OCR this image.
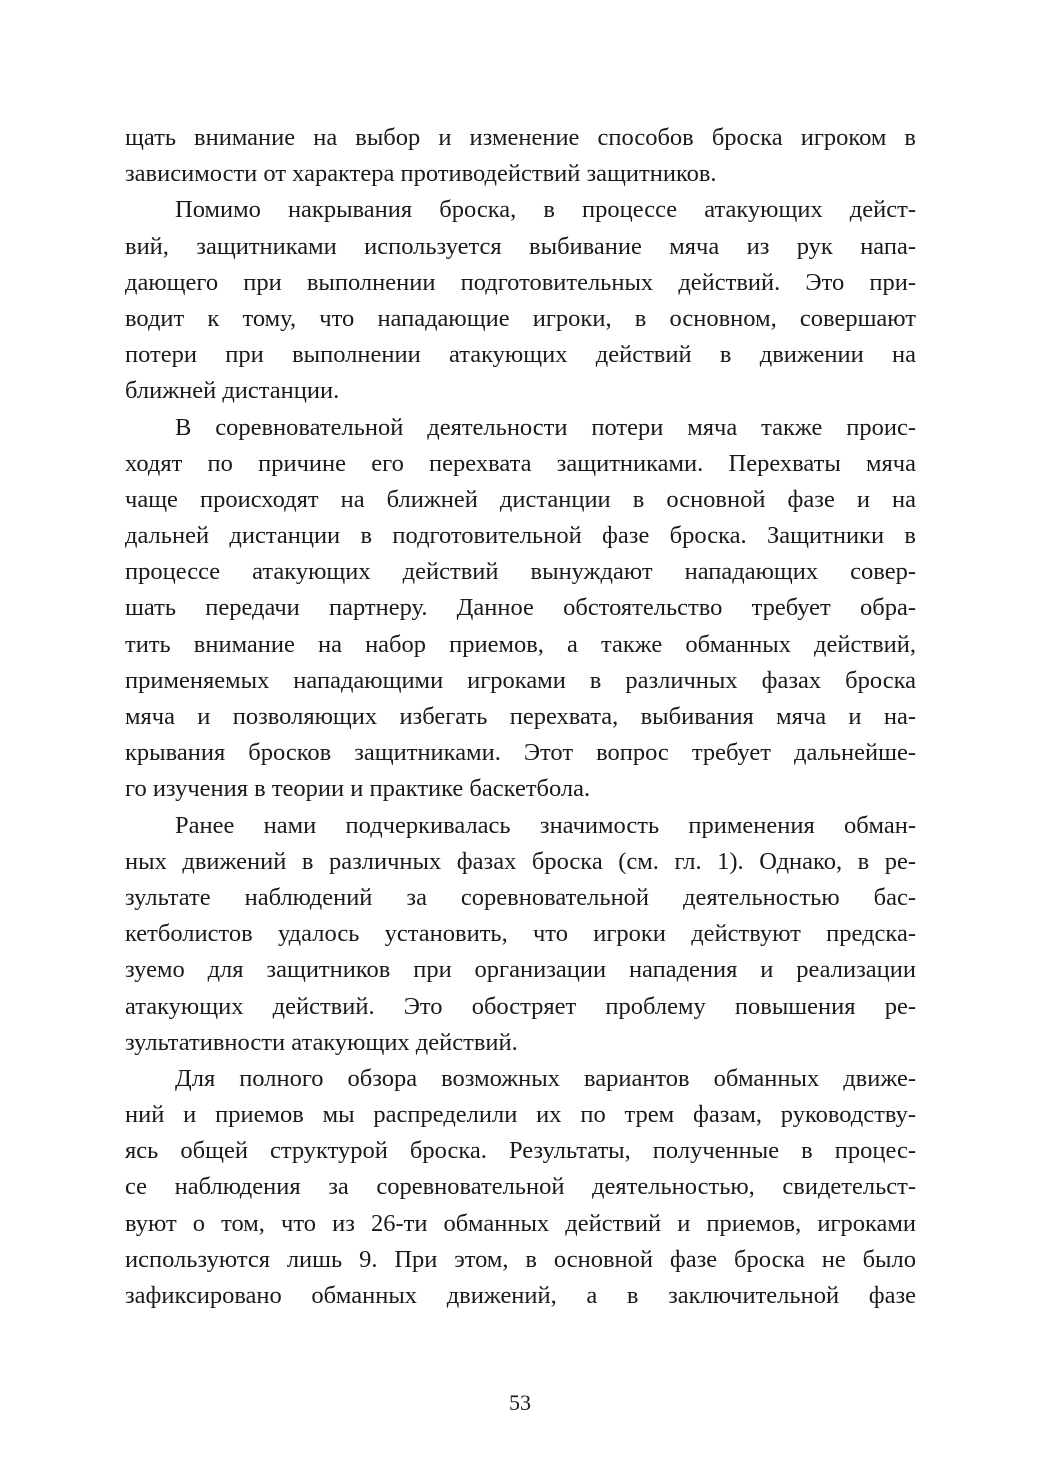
щать внимание на выбор и изменение способов броска игроком в
зависимости от характера противодействий защитников.
Помимо накрывания броска, в процессе атакующих дейст-
вий, защитниками используется выбивание мяча из рук напа-
дающего при выполнении подготовительных действий. Это при-
водит к тому, что нападающие игроки, в основном, совершают
потери при выполнении атакующих действий в движении на
ближней дистанции.
В соревновательной деятельности потери мяча также проис-
ходят по причине его перехвата защитниками. Перехваты мяча
чаще происходят на ближней дистанции в основной фазе и на
дальней дистанции в подготовительной фазе броска. Защитники в
процессе атакующих действий вынуждают нападающих совер-
шать передачи партнеру. Данное обстоятельство требует обра-
тить внимание на набор приемов, а также обманных действий,
применяемых нападающими игроками в различных фазах броска
мяча и позволяющих избегать перехвата, выбивания мяча и на-
крывания бросков защитниками. Этот вопрос требует дальнейше-
го изучения в теории и практике баскетбола.
Ранее нами подчеркивалась значимость применения обман-
ных движений в различных фазах броска (см. гл. 1). Однако, в ре-
зультате наблюдений за соревновательной деятельностью бас-
кетболистов удалось установить, что игроки действуют предска-
зуемо для защитников при организации нападения и реализации
атакующих действий. Это обостряет проблему повышения ре-
зультативности атакующих действий.
Для полного обзора возможных вариантов обманных движе-
ний и приемов мы распределили их по трем фазам, руководству-
ясь общей структурой броска. Результаты, полученные в процес-
се наблюдения за соревновательной деятельностью, свидетельст-
вуют о том, что из 26-ти обманных действий и приемов, игроками
используются лишь 9. При этом, в основной фазе броска не было
зафиксировано обманных движений, а в заключительной фазе
53
